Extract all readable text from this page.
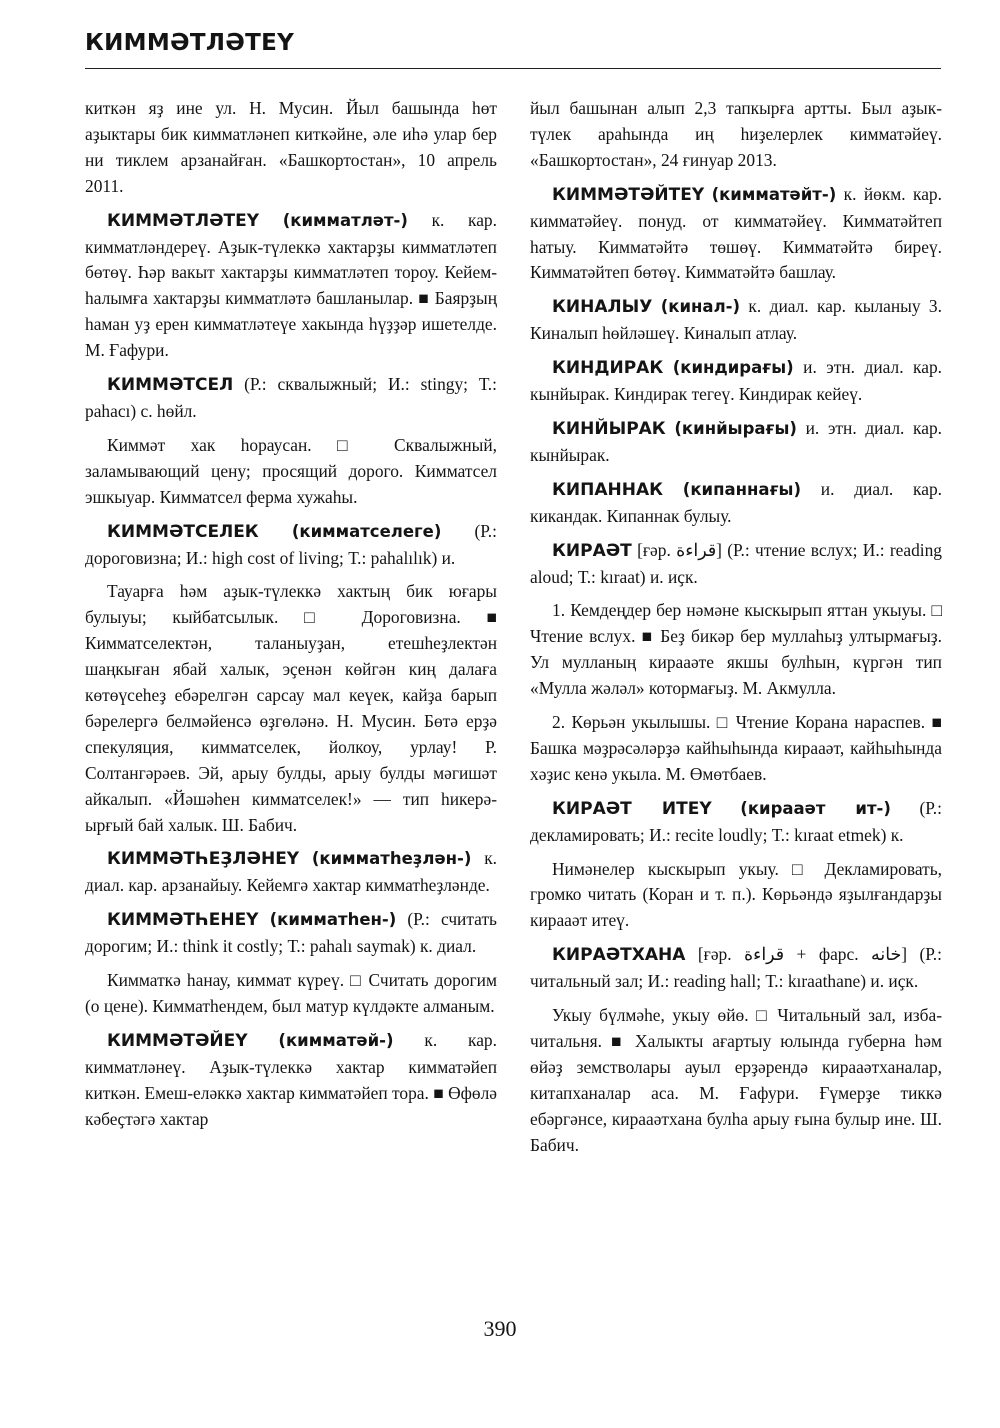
КИММӘТЛӘТЕҮ

киткән яҙ ине ул. Н. Мусин. Йыл башында һөт аҙыктары бик кимматләнеп киткәйне, әле иһә улар бер ни тиклем арзанайған. «Башкортостан», 10 апрель 2011.

КИММӘТЛӘТЕҮ (кимматләт-) к. кар. кимматләндереү. Аҙык-түлеккә хактарҙы кимматләтеп бөтөү. Һәр вакыт хактарҙы кимматләтеп тороу. Кейем-һалымға хактарҙы кимматләтә башланылар. ■ Баярҙың һаман уҙ ерен кимматләтеүе хакында һүҙҙәр ишетелде. М. Ғафури.

КИММӘТСЕЛ (Р.: сквалыжный; И.: stingy; Т.: pahacı) с. һөйл.

Киммәт хак һораусан. □ Сквалыжный, заламывающий цену; просящий дорого. Кимматсел эшкыуар. Кимматсел ферма хужаһы.

КИММӘТСЕЛЕК (кимматселеге) (Р.: дороговизна; И.: high cost of living; Т.: pahalılık) и.

Тауарға һәм аҙык-түлеккә хактың бик юғары булыуы; кыйбатсылык. □ Дороговизна. ■ Кимматселектән, таланыуҙан, етешһеҙлектән шаңкыған ябай халык, эҫенән көйгән киң далаға көтөүсеһеҙ ебәрелгән сарсау мал кеүек, кайҙа барып бәрелергә белмәйенсә өҙгөләнә. Н. Мусин. Бөтә ерҙә спекуляция, кимматселек, йолкоу, урлау! Р. Солтангәрәев. Эй, арыу булды, арыу булды мәгишәт айкалып. «Йәшәһен кимматселек!» — тип һикерә-ырғый бай халык. Ш. Бабич.

КИММӘТҺЕҘЛӘНЕҮ (кимматһеҙлән-) к. диал. кар. арзанайыу. Кейемгә хактар кимматһеҙләнде.

КИММӘТҺЕНЕҮ (кимматһен-) (Р.: считать дорогим; И.: think it costly; Т.: pahalı saymak) к. диал.

Кимматкә һанау, киммат күреү. □ Считать дорогим (о цене). Кимматһендем, был матур күлдәкте алманым.

КИММӘТӘЙЕҮ (кимматәй-) к. кар. кимматләнеү. Аҙык-түлеккә хактар кимматәйеп киткән. Емеш-еләккә хактар кимматәйеп тора. ■ Өфөлә кәбеҫтәгә хактар

йыл башынан алып 2,3 тапкырға артты. Был аҙык-түлек араһында иң һиҙелерлек кимматәйеү. «Башкортостан», 24 ғинуар 2013.

КИММӘТӘЙТЕҮ (кимматәйт-) к. йөкм. кар. кимматәйеү. понуд. от кимматәйеү. Кимматәйтеп һатыу. Кимматәйтә төшөү. Кимматәйтә биреү. Кимматәйтеп бөтөү. Кимматәйтә башлау.

КИНАЛЫУ (кинал-) к. диал. кар. кыланыу 3. Киналып һөйләшеү. Киналып атлау.

КИНДИРАК (киндирағы) и. этн. диал. кар. кынйырак. Киндирак тегеү. Киндирак кейеү.

КИНЙЫРАК (кинйырағы) и. этн. диал. кар. кынйырак.

КИПАННАК (кипаннағы) и. диал. кар. кикандак. Кипаннак булыу.

КИРАӘТ [ғәр. قراءة] (Р.: чтение вслух; И.: reading aloud; Т.: kıraat) и. иҫк.

1. Кемдеңдер бер нәмәне кыскырып яттан укыуы. □ Чтение вслух. ■ Беҙ бикәр бер муллаһыҙ ултырмағыҙ. Ул мулланың кирааәте якшы булһын, күргән тип «Мулла жәләл» котормағыҙ. М. Акмулла.

2. Көрьән укылышы. □ Чтение Корана нараспев. ■ Башка мәҙрәсәләрҙә кайһыһында кирааәт, кайһыһында хәҙис кенә укыла. М. Өмөтбаев.

КИРАӘТ ИТЕҮ (кирааәт ит-) (Р.: декламировать; И.: recite loudly; Т.: kıraat etmek) к.

Нимәнелер кыскырып укыу. □ Декламировать, громко читать (Коран и т. п.). Көрьәндә яҙылғандарҙы кирааәт итеү.

КИРАӘТХАНА [ғәр. قراءة + фарс. خانه] (Р.: читальный зал; И.: reading hall; Т.: kıraathane) и. иҫк.

Укыу бүлмәһе, укыу өйө. □ Читальный зал, изба-читальня. ■ Халыкты ағартыу юлында губерна һәм өйәҙ земстволары ауыл ерҙәрендә кирааәтханалар, китапханалар аса. М. Ғафури. Ғүмерҙе тиккә ебәргәнсе, кирааәтхана булһа арыу ғына булыр ине. Ш. Бабич.

390
